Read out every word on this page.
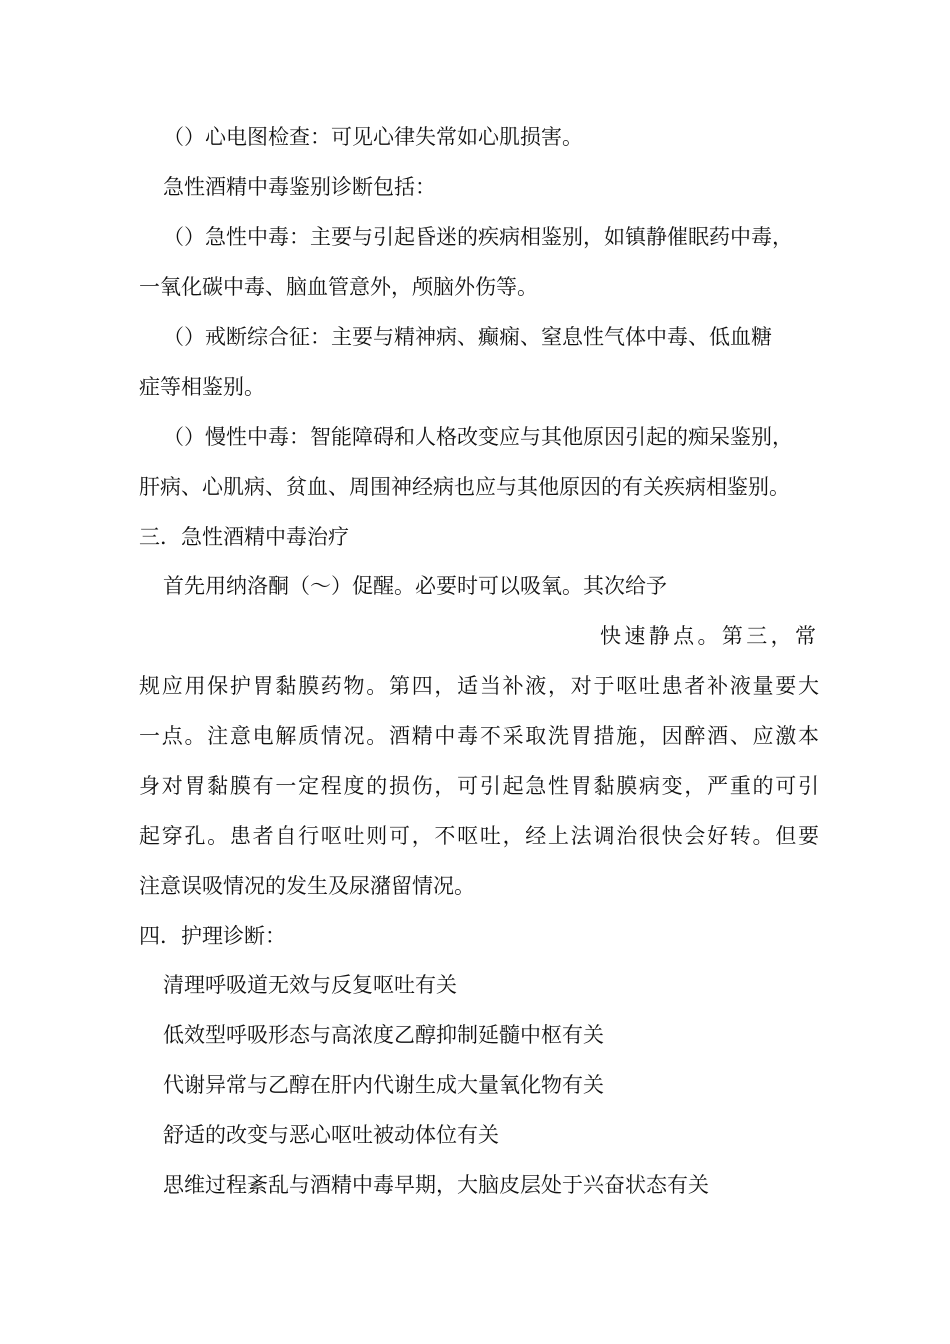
（）心电图检查：可见心律失常如心肌损害。
急性酒精中毒鉴别诊断包括：
（）急性中毒：主要与引起昏迷的疾病相鉴别，如镇静催眠药中毒，
一氧化碳中毒、脑血管意外，颅脑外伤等。
（）戒断综合征：主要与精神病、癫痫、窒息性气体中毒、低血糖
症等相鉴别。
（）慢性中毒：智能障碍和人格改变应与其他原因引起的痴呆鉴别，
肝病、心肌病、贫血、周围神经病也应与其他原因的有关疾病相鉴别。
三．急性酒精中毒治疗
首先用纳洛酮（～）促醒。必要时可以吸氧。其次给予
快速静点。第三，常
规应用保护胃黏膜药物。第四，适当补液，对于呕吐患者补液量要大
一点。注意电解质情况。酒精中毒不采取洗胃措施，因醉酒、应激本
身对胃黏膜有一定程度的损伤，可引起急性胃黏膜病变，严重的可引
起穿孔。患者自行呕吐则可，不呕吐，经上法调治很快会好转。但要
注意误吸情况的发生及尿潴留情况。
四．护理诊断：
清理呼吸道无效与反复呕吐有关
低效型呼吸形态与高浓度乙醇抑制延髓中枢有关
代谢异常与乙醇在肝内代谢生成大量氧化物有关
舒适的改变与恶心呕吐被动体位有关
思维过程紊乱与酒精中毒早期，大脑皮层处于兴奋状态有关
